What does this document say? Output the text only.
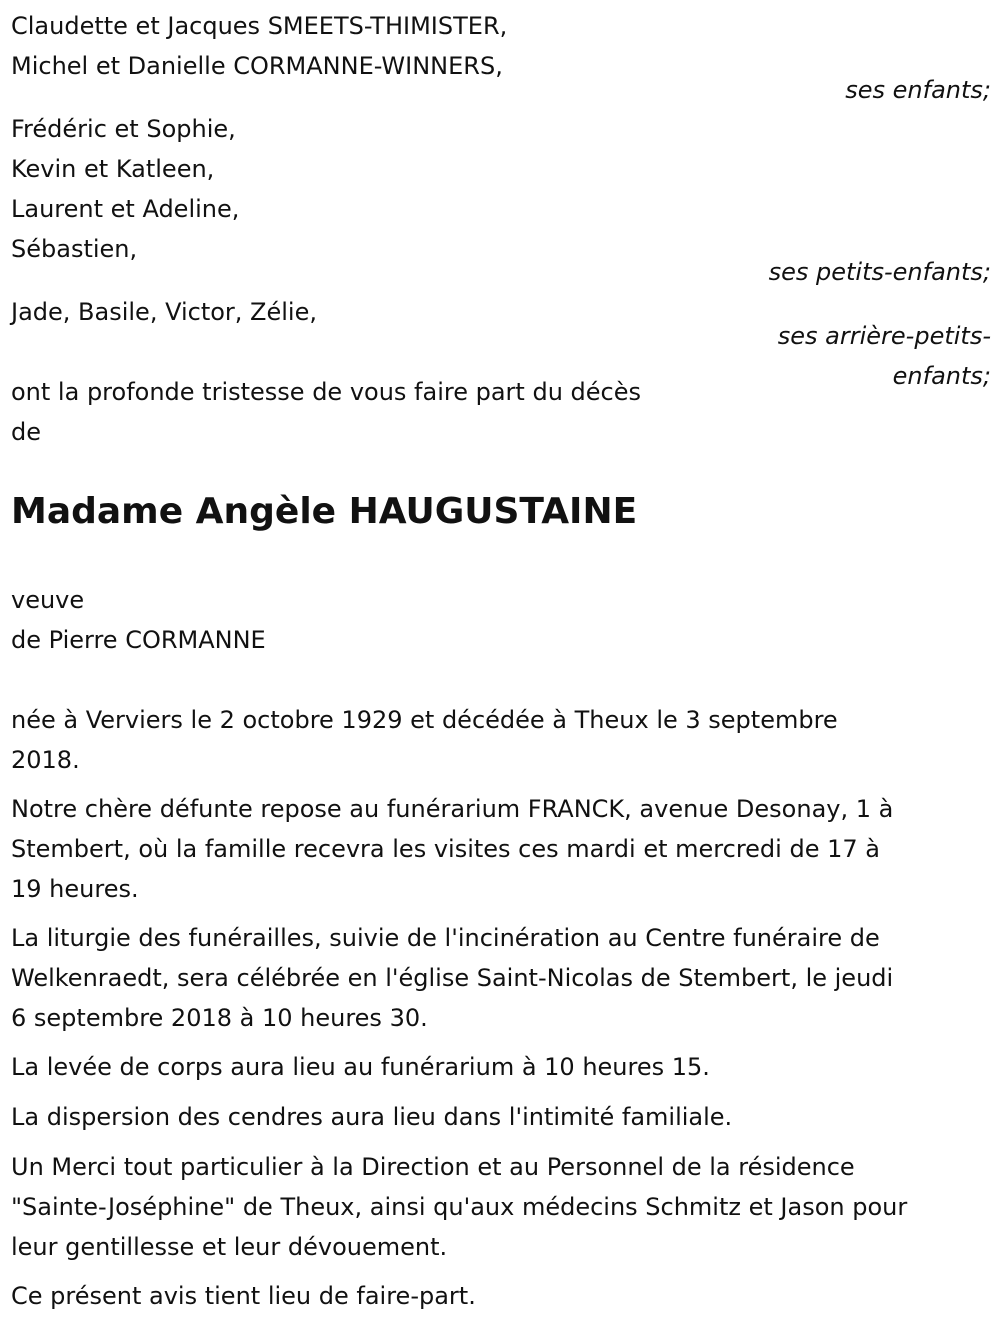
Claudette et Jacques SMEETS-THIMISTER,

Michel et Danielle CORMANNE-WINNERS,

ses enfants;

Frédéric et Sophie,

Kevin et Katleen,

Laurent et Adeline,

Sébastien,

ses petits-enfants;

Jade, Basile, Victor, Zélie,

ses arrière-petits-

enfants;

ont la profonde tristesse de vous faire part du décès

de

Madame Angèle HAUGUSTAINE

veuve

de Pierre CORMANNE

née à Verviers le 2 octobre 1929 et décédée à Theux le 3 septembre

2018.

Notre chère défunte repose au funérarium FRANCK, avenue Desonay, 1 à

Stembert, où la famille recevra les visites ces mardi et mercredi de 17 à

19 heures.

La liturgie des funérailles, suivie de l'incinération au Centre funéraire de

Welkenraedt, sera célébrée en l'église Saint-Nicolas de Stembert, le jeudi

6 septembre 2018 à 10 heures 30.

La levée de corps aura lieu au funérarium à 10 heures 15.

La dispersion des cendres aura lieu dans l'intimité familiale.

Un Merci tout particulier à la Direction et au Personnel de la résidence

"Sainte-Joséphine" de Theux, ainsi qu'aux médecins Schmitz et Jason pour

leur gentillesse et leur dévouement.

Ce présent avis tient lieu de faire-part.
